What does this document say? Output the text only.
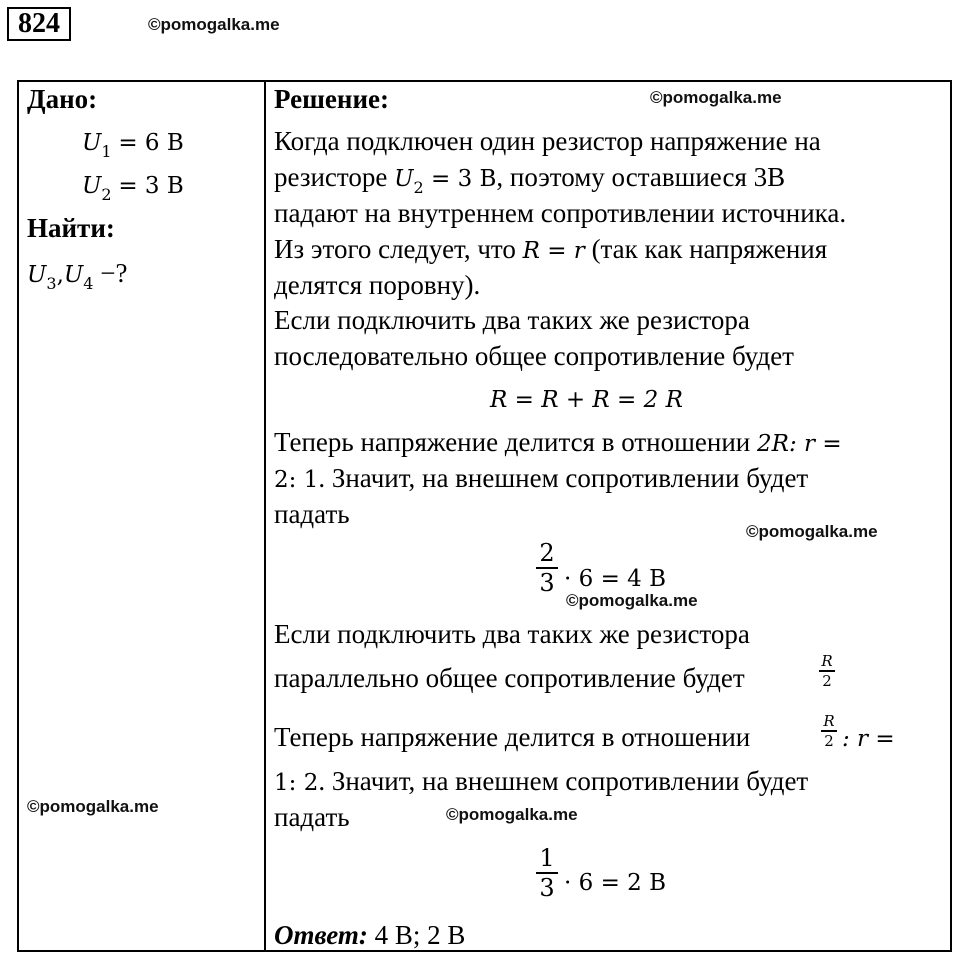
824	©pomogalka.me
Дано:
$U_1 = 6$ В
$U_2 = 3$ В
Найти:
$U_3,U_4$ −?
©pomogalka.me
Решение:	©pomogalka.me
Когда подключен один резистор напряжение на
резисторе $U_2 = 3$ В, поэтому оставшиеся 3В
падают на внутреннем сопротивлении источника.
Из этого следует, что R = r (так как напряжения
делятся поровну).
Если подключить два таких же резистора
последовательно общее сопротивление будет
R = R + R = 2 R
Теперь напряжение делится в отношении 2R: r =
2: 1. Значит, на внешнем сопротивлении будет
падать
©pomogalka.me
2
3 · 6 = 4 В
©pomogalka.me
Если подключить два таких же резистора
параллельно общее сопротивление будет
R
2
Теперь напряжение делится в отношении
R
2 : r =
1: 2. Значит, на внешнем сопротивлении будет
падать	©pomogalka.me
1
3 · 6 = 2 В
Ответ: 4 В; 2 В
